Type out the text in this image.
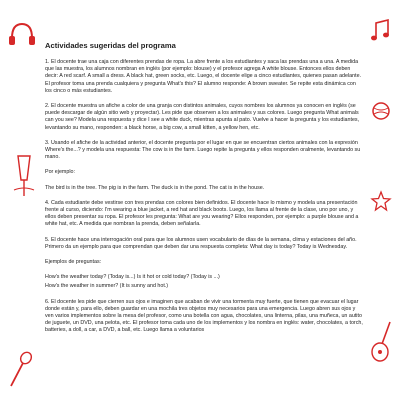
Actividades sugeridas del programa

1. El docente trae una caja con diferentes prendas de ropa. La abre frente a los estudiantes y saca las prendas una a una. A medida que las muestra, los alumnos nombran en inglés (por ejemplo: blouse) y el profesor agrega A white blouse. Entonces ellos deben decir: A red scarf. A small a dress. A black hat, green socks, etc. Luego, el docente elige a cinco estudiantes, quienes pasan adelante. El profesor toma una prenda cualquiera y pregunta What's this? El alumno responde: A brown sweater. Se repite esta dinámica con los cinco o más estudiantes.

2. El docente muestra un afiche a color de una granja con distintos animales, cuyos nombres los alumnos ya conocen en inglés (se puede descargar de algún sitio web y proyectar). Les pide que observen a los animales y sus colores. Luego pregunta What animals can you see? Modela una respuesta y dice I see a white duck, mientras apunta al pato. Vuelve a hacer la pregunta y los estudiantes, levantando su mano, responden: a black horse, a big cow, a small kitten, a yellow hen, etc.

3. Usando el afiche de la actividad anterior, el docente pregunta por el lugar en que se encuentran ciertos animales con la expresión Where's the...? y modela una respuesta: The cow is in the farm. Luego repite la pregunta y ellos responden oralmente, levantando su mano.

Por ejemplo:

The bird is in the tree. The pig is in the farm. The duck is in the pond. The cat is in the house.

4. Cada estudiante debe vestirse con tres prendas con colores bien definidos. El docente hace lo mismo y modela una presentación frente al curso, diciendo: I'm wearing a blue jacket, a red hat and black boots. Luego, los llama al frente de la clase, uno por uno, y ellos deben presentar su ropa. El profesor les pregunta: What are you wearing? Ellos responden, por ejemplo: a purple blouse and a white hat, etc. A medida que nombran la prenda, deben señalarla.

5. El docente hace una interrogación oral para que los alumnos usen vocabulario de días de la semana, clima y estaciones del año. Primero da un ejemplo para que comprendan que deben dar una respuesta completa: What day is today? Today is Wednesday.

Ejemplos de preguntas:

How's the weather today? (Today is...) Is it hot or cold today? (Today is ...)

How's the weather in summer? (It is sunny and hot.)

6. El docente les pide que cierren sus ojos e imaginen que acaban de vivir una tormenta muy fuerte, que tienen que evacuar el lugar donde están y, para ello, deben guardar en una mochila tres objetos muy necesarios para una emergencia. Luego abren sus ojos y ven varios implementos sobre la mesa del profesor, como una botella con agua, chocolates, una linterna, pilas, una muñeca, un autito de juguete, un DVD, una pelota, etc. El profesor toma cada uno de los implementos y los nombra en inglés: water, chocolates, a torch, batteries, a doll, a car, a DVD, a ball, etc. Luego llama a voluntarios
